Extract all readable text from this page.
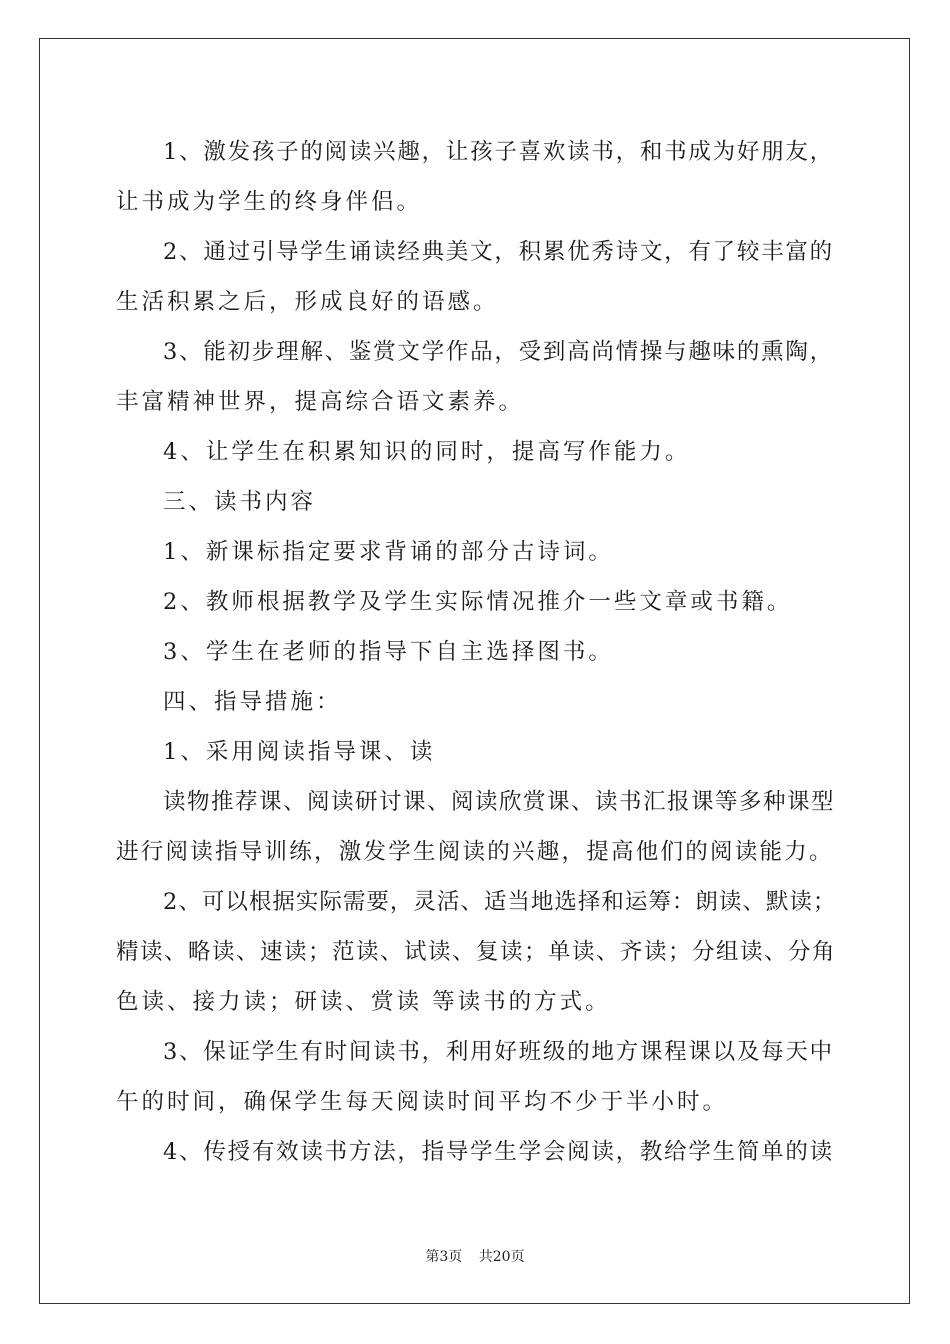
1、激发孩子的阅读兴趣，让孩子喜欢读书，和书成为好朋友，
让书成为学生的终身伴侣。
2、通过引导学生诵读经典美文，积累优秀诗文，有了较丰富的
生活积累之后，形成良好的语感。
3、能初步理解、鉴赏文学作品，受到高尚情操与趣味的熏陶，
丰富精神世界，提高综合语文素养。
4、让学生在积累知识的同时，提高写作能力。
三、读书内容
1、新课标指定要求背诵的部分古诗词。
2、教师根据教学及学生实际情况推介一些文章或书籍。
3、学生在老师的指导下自主选择图书。
四、指导措施：
1、采用阅读指导课、读
读物推荐课、阅读研讨课、阅读欣赏课、读书汇报课等多种课型
进行阅读指导训练，激发学生阅读的兴趣，提高他们的阅读能力。
2、可以根据实际需要，灵活、适当地选择和运筹：朗读、默读；
精读、略读、速读；范读、试读、复读；单读、齐读；分组读、分角
色读、接力读；研读、赏读 等读书的方式。
3、保证学生有时间读书，利用好班级的地方课程课以及每天中
午的时间，确保学生每天阅读时间平均不少于半小时。
4、传授有效读书方法，指导学生学会阅读，教给学生简单的读
第3页 共20页
